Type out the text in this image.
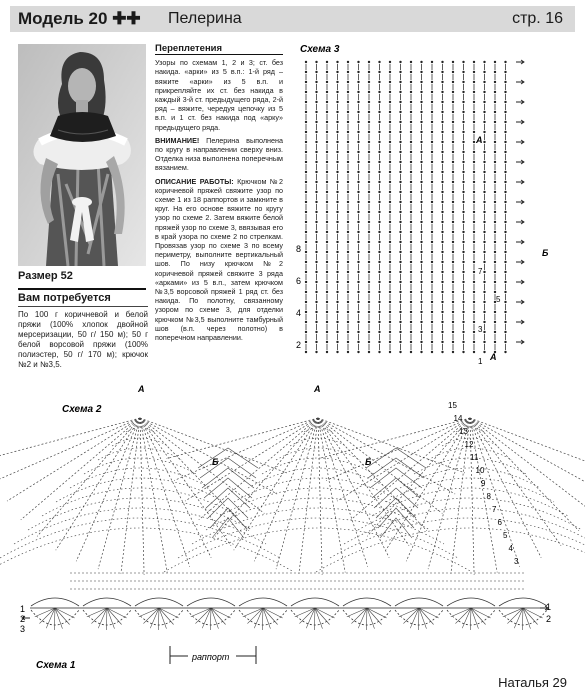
Модель 20 ✚✚ Пелерина	стр. 16
Размер 52
Вам потребуется
По 100 г коричневой и белой пряжи (100% хлопок двойной мерсеризации, 50 г/ 150 м); 50 г белой ворсовой пряжи (100% полиэстер, 50 г/ 170 м); крючок №2 и №3,5.
Переплетения

Узоры по схемам 1, 2 и 3; ст. без накида. «арки» из 5 в.п.: 1-й ряд – вяжите «арки» из 5 в.п. и прикрепляйте их ст. без накида в каждый 3-й ст. предыдущего ряда, 2-й ряд – вяжите, чередуя цепочку из 5 в.п. и 1 ст. без накида под «арку» предыдущего ряда.

ВНИМАНИЕ! Пелерина выполнена по кругу в направлении сверху вниз. Отделка низа выполнена поперечным вязанием.

ОПИСАНИЕ РАБОТЫ: Крючком №2 коричневой пряжей свяжите узор по схеме 1 из 18 раппортов и замкните в круг. На его основе вяжите по кругу узор по схеме 2. Затем вяжите белой пряжей узор по схеме 3, ввязывая его в край узора по схеме 2 по стрелкам. Провязав узор по схеме 3 по всему периметру, выполните вертикальный шов. По низу крючком №2 коричневой пряжей свяжите 3 ряда «арками» из 5 в.п., затем крючком №3,5 ворсовой пряжей 1 ряд ст. без накида. По полотну, связанному узором по схеме 3, для отделки крючком №3,5 выполните тамбурный шов (в.п. через полотно) в поперечном направлении.

Схема 3
А
Б
А
8
7
6
5
4
3
2
1
Схема 2
А	А
Б	Б
15
14
13
12
11
10
9
8
7
6
5
4
3
1
2
3
1
2
раппорт
Схема 1
Наталья 29
